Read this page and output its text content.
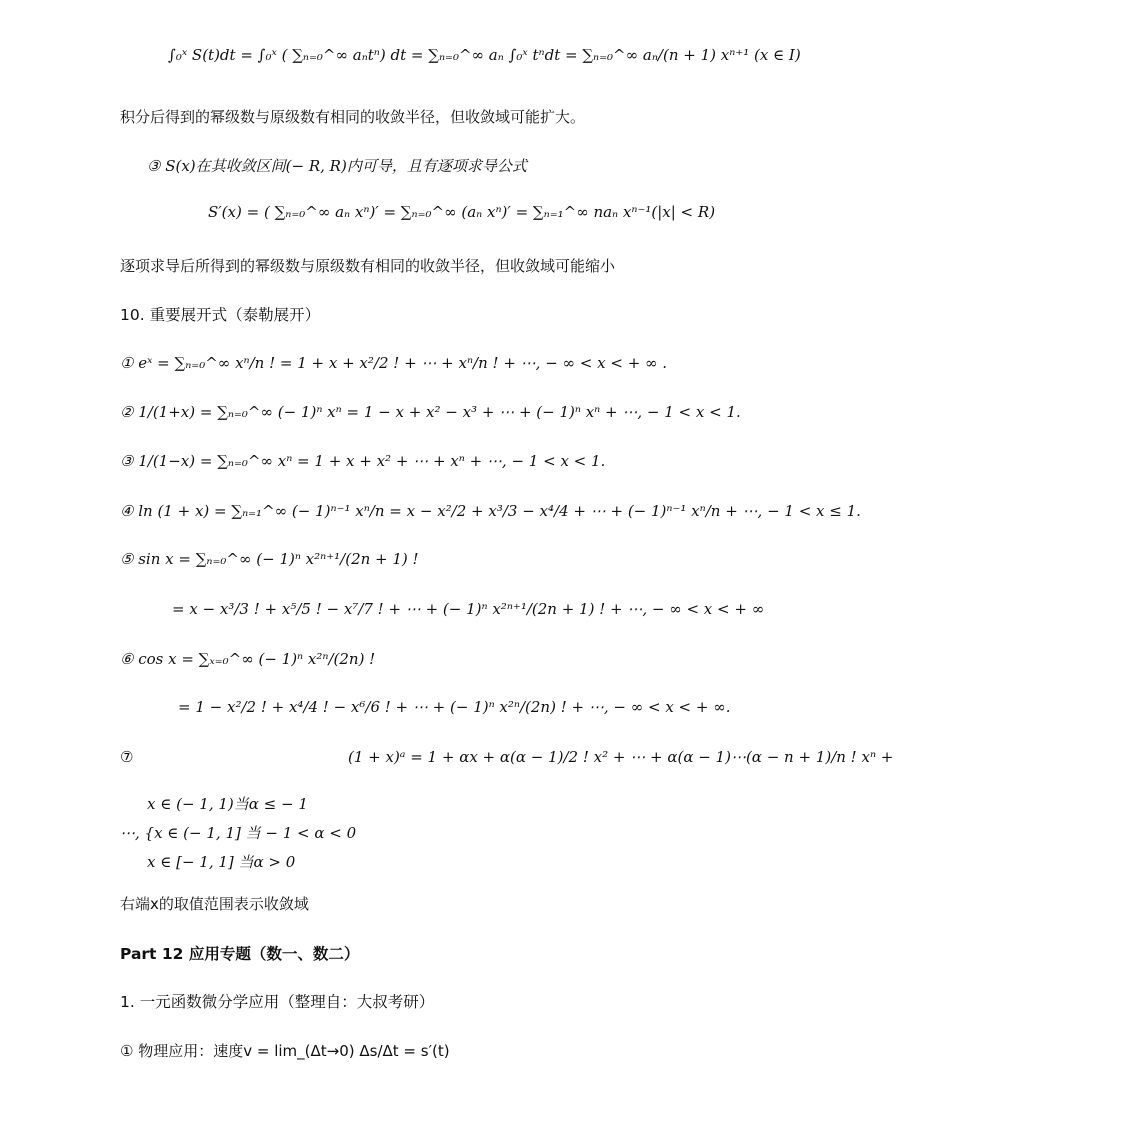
∫₀ˣ S(t)dt = ∫₀ˣ ( ∑ₙ₌₀^∞ aₙtⁿ) dt = ∑ₙ₌₀^∞ aₙ ∫₀ˣ tⁿdt = ∑ₙ₌₀^∞ aₙ/(n + 1) xⁿ⁺¹ (x ∈ I)
积分后得到的幂级数与原级数有相同的收敛半径，但收敛域可能扩大。
③ S(x)在其收敛区间(− R, R)内可导，且有逐项求导公式
S′(x) = ( ∑ₙ₌₀^∞ aₙ xⁿ)′ = ∑ₙ₌₀^∞ (aₙ xⁿ)′ = ∑ₙ₌₁^∞ naₙ xⁿ⁻¹(|x| < R)
逐项求导后所得到的幂级数与原级数有相同的收敛半径，但收敛域可能缩小
10. 重要展开式（泰勒展开）
① eˣ = ∑ₙ₌₀^∞ xⁿ/n ! = 1 + x + x²/2 ! + ⋯ + xⁿ/n ! + ⋯, − ∞ < x < + ∞ .
② 1/(1+x) = ∑ₙ₌₀^∞ (− 1)ⁿ xⁿ = 1 − x + x² − x³ + ⋯ + (− 1)ⁿ xⁿ + ⋯, − 1 < x < 1.
③ 1/(1−x) = ∑ₙ₌₀^∞ xⁿ = 1 + x + x² + ⋯ + xⁿ + ⋯, − 1 < x < 1.
④ ln (1 + x) = ∑ₙ₌₁^∞ (− 1)ⁿ⁻¹ xⁿ/n = x − x²/2 + x³/3 − x⁴/4 + ⋯ + (− 1)ⁿ⁻¹ xⁿ/n + ⋯, − 1 < x ≤ 1.
⑤ sin x = ∑ₙ₌₀^∞ (− 1)ⁿ x²ⁿ⁺¹/(2n + 1) !
= x − x³/3 ! + x⁵/5 ! − x⁷/7 ! + ⋯ + (− 1)ⁿ x²ⁿ⁺¹/(2n + 1) ! + ⋯, − ∞ < x < + ∞
⑥ cos x = ∑ₓ₌₀^∞ (− 1)ⁿ x²ⁿ/(2n) !
= 1 − x²/2 ! + x⁴/4 ! − x⁶/6 ! + ⋯ + (− 1)ⁿ x²ⁿ/(2n) ! + ⋯, − ∞ < x < + ∞.
⑦	(1 + x)ᵃ = 1 + αx + α(α − 1)/2 ! x² + ⋯ + α(α − 1)⋯(α − n + 1)/n ! xⁿ +
x ∈ (− 1, 1)当α ≤ − 1
⋯, {x ∈ (− 1, 1] 当 − 1 < α < 0
x ∈ [− 1, 1] 当α > 0
右端x的取值范围表示收敛域
Part 12 应用专题（数一、数二）
1. 一元函数微分学应用（整理自：大叔考研）
① 物理应用：速度v = lim_(Δt→0) Δs/Δt = s′(t)
